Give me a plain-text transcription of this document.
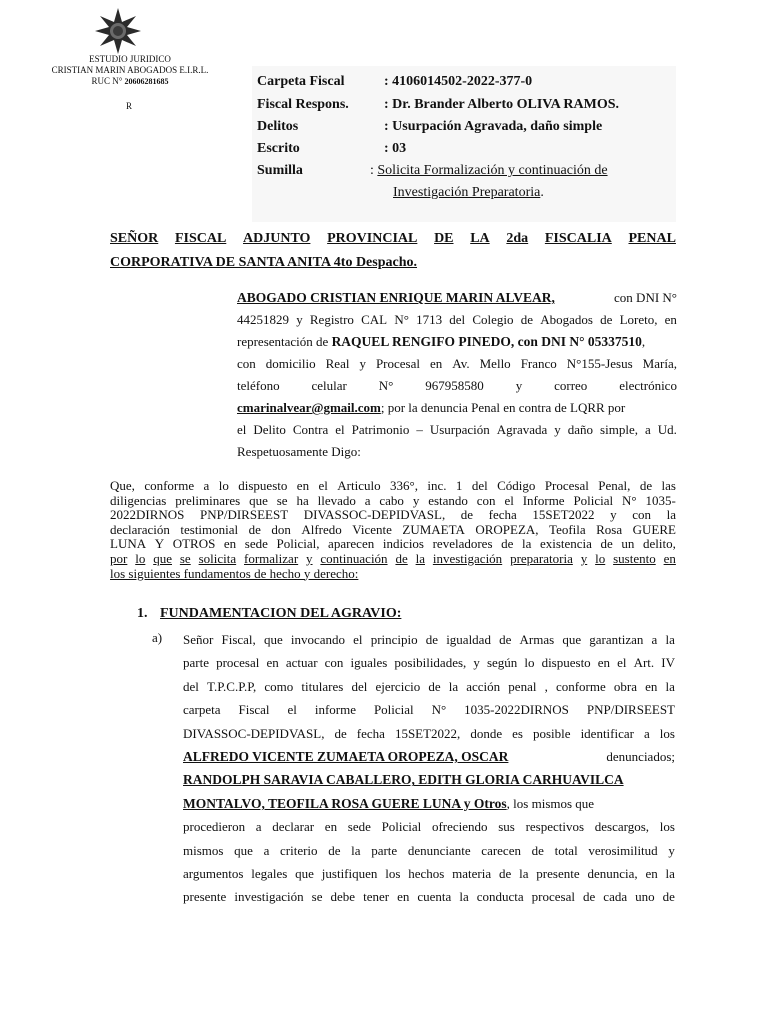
ESTUDIO JURIDICO
CRISTIAN MARIN ABOGADOS E.I.R.L.
RUC N° 20606281685
R
Carpeta Fiscal	: 4106014502-2022-377-0
Fiscal Respons.	: Dr. Brander Alberto OLIVA RAMOS.
Delitos	: Usurpación Agravada, daño simple
Escrito	: 03
Sumilla	: Solicita Formalización y continuación de
Investigación Preparatoria.
SEÑOR FISCAL ADJUNTO PROVINCIAL DE LA 2da FISCALIA PENAL
CORPORATIVA DE SANTA ANITA 4to Despacho.
ABOGADO CRISTIAN ENRIQUE MARIN ALVEAR,	con DNI N°
44251829 y Registro CAL N° 1713 del Colegio de Abogados de Loreto, en
representación de RAQUEL RENGIFO PINEDO, con DNI N° 05337510 ,
con domicilio Real y Procesal en Av. Mello Franco N°155-Jesus María,
teléfono celular N° 967958580 y correo electrónico
cmarinalvear@gmail.com ; por la denuncia Penal en contra de LQRR por
el Delito Contra el Patrimonio – Usurpación Agravada y daño simple, a Ud.
Respetuosamente Digo:
Que, conforme a lo dispuesto en el Articulo 336°, inc. 1 del Código Procesal Penal, de las
diligencias preliminares que se ha llevado a cabo y estando con el Informe Policial N° 1035-
2022DIRNOS PNP/DIRSEEST DIVASSOC-DEPIDVASL, de fecha 15SET2022 y con la
declaración testimonial de don Alfredo Vicente ZUMAETA OROPEZA, Teofila Rosa GUERE
LUNA Y OTROS en sede Policial, aparecen indicios reveladores de la existencia de un delito,
por lo que se solicita formalizar y continuación de la investigación preparatoria y lo sustento en
los siguientes fundamentos de hecho y derecho:
1. FUNDAMENTACION DEL AGRAVIO:
a) Señor Fiscal, que invocando el principio de igualdad de Armas que garantizan a la
parte procesal en actuar con iguales posibilidades, y según lo dispuesto en el Art. IV
del T.P.C.P.P, como titulares del ejercicio de la acción penal , conforme obra en la
carpeta Fiscal el informe Policial N° 1035-2022DIRNOS PNP/DIRSEEST
DIVASSOC-DEPIDVASL, de fecha 15SET2022, donde es posible identificar a los
ALFREDO VICENTE ZUMAETA OROPEZA, OSCAR	denunciados;
RANDOLPH SARAVIA CABALLERO, EDITH GLORIA CARHUAVILCA
MONTALVO, TEOFILA ROSA GUERE LUNA y Otros , los mismos que
procedieron a declarar en sede Policial ofreciendo sus respectivos descargos, los
mismos que a criterio de la parte denunciante carecen de total verosimilitud y
argumentos legales que justifiquen los hechos materia de la presente denuncia, en la
presente investigación se debe tener en cuenta la conducta procesal de cada uno de
